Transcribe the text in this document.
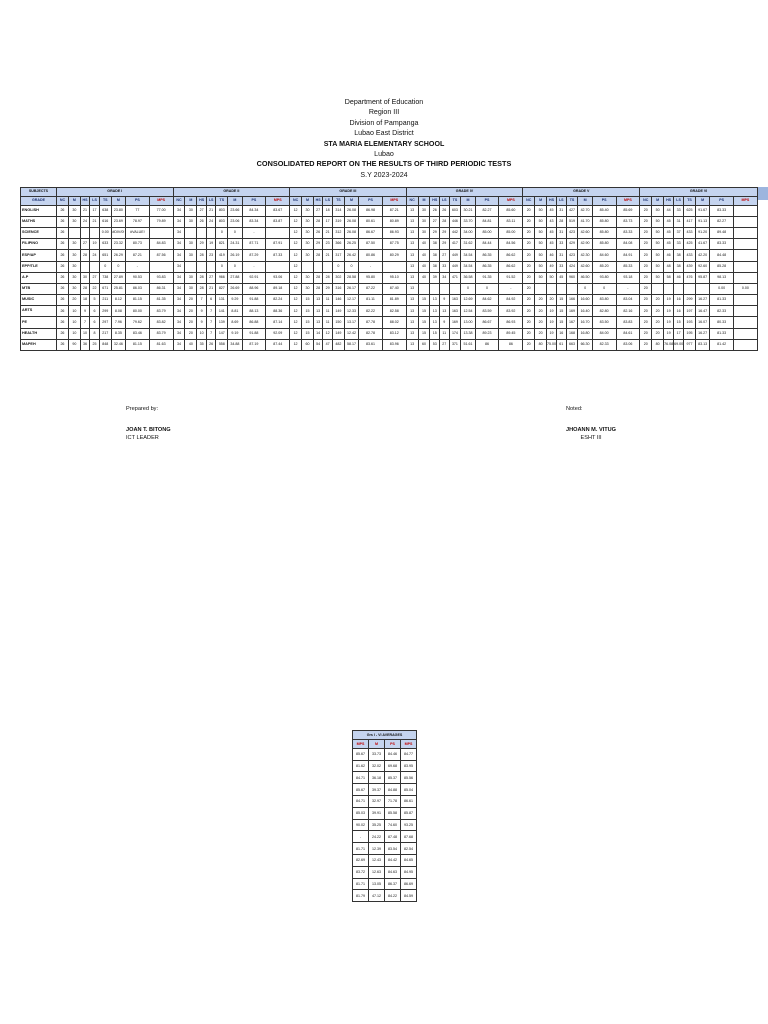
Department of Education
Region III
Division of Pampanga
Lubao East District
STA MARIA ELEMENTARY SCHOOL
Lubao
CONSOLIDATED REPORT ON THE RESULTS OF THIRD PERIODIC TESTS
S.Y 2023-2024
SUBJECTS	GRADE I								GRADE II								GRADE III								GRADE IV								GRADE V								GRADE VI							
GRADE	NC	M	HS	LS	TS	M	PS	MPS	NC	M	HS	LS	TS	M	PS	MPS	NC	M	HS	LS	TS	M	PS	MPS	NC	M	HS	LS	TS	M	PS	MPS	NC	M	HS	LS	TS	M	PS	MPS	NC	M	HS	LS	TS	M	PS	MPS
ENGLISH	26	30	21	17	638	23.80	77	77.00	34	30	27	21	803	23.66	84.34	83.67	12	30	27	18	314	26.08	86.98	87.21	13	30	26	26	603	30.21	82.27	85.60	20	50	45	31	427	42.70	85.40	85.69	20	50	44	33	625	91.67	83.33	
MATHS	26	30	24	21	616	23.69	78.97	79.89	34	30	26	24	803	23.06	83.34	83.87	12	30	28	17	319	26.08	80.61	80.89	13	30	27	28	446	33.70	84.81	83.11	20	50	43	28	519	41.70	85.80	83.73	20	50	45	31	417	91.13	82.27	
SCIENCE	26				0.00	#DIV/0!	#VALUE!		34				0	0	-		12	30	26	21	312	26.08	86.67	86.93	13	30	29	29	442	34.00	85.00	85.00	20	50	45	31	423	42.60	85.80	83.33	20	50	45	37	433	91.20	89.48	
FILIPINO	26	30	27	19	633	23.32	80.73	84.83	34	30	29	19	821	24.31	87.71	87.91	12	30	29	23	366	26.25	87.50	87.75	13	40	38	29	417	31.62	84.44	84.56	20	50	45	33	429	42.90	85.80	84.08	20	50	45	33	425	41.67	83.33	
ESP/AP	26	30	28	24	651	26.29	87.21	87.56	34	30	28	23	419	26.19	87.29	87.33	12	30	28	21	317	26.42	80.86	80.29	13	40	38	27	449	34.54	86.35	86.62	20	50	46	31	423	42.30	84.60	84.91	20	50	46	38	433	42.20	84.48	
EPP/TLE	26	30			0	0	-		34				0	0	-		12				0	0	-		13	40	38	33	449	34.54	86.35	86.62	20	50	49	33	424	42.60	85.20	85.33	20	50	48	38	439	92.60	85.28	
A.P	26	30	30	27	738	27.89	90.53	93.83	34	30	28	27	966	27.88	92.91	93.06	12	30	28	28	302	28.58	95.80	95.10	13	40	39	34	471	36.58	91.35	91.52	20	50	50	45	960	46.50	93.80	93.18	20	50	58	46	476	95.87	98.13	
MTB	26	30	28	22	671	25.81	86.03	86.31	34	30	28	21	827	26.69	88.96	89.18	12	30	28	29	316	26.17	87.22	87.40	13					0	0	-	20					0	0	-	20						0.00	0.00
MUSIC	26	20	18	5	211	8.12	81.15	81.35	34	20	7	6	131	9.29	91.88	82.24	12	15	13	11	146	12.17	81.11	81.89	13	15	13	9	163	12.69	84.62	84.92	20	20	20	15	166	16.60	83.80	83.04	20	20	19	16	299	16.27	81.33	
ARTS	26	10	9	6	299	8.08	80.00	83.79	34	20	9	7	141	8.81	88.13	88.36	12	15	13	11	149	12.33	82.22	82.58	13	15	13	13	163	12.54	83.59	83.92	20	20	19	15	169	16.40	82.80	82.16	20	20	19	16	197	16.47	82.33	
PE	26	10	7	6	297	7.96	79.62	83.82	34	20	9	7	139	8.69	86.88	87.14	12	15	13	11	150	13.17	87.78	88.02	13	15	13	9	169	13.00	86.67	86.93	20	20	19	15	167	16.70	83.50	83.83	20	20	19	15	193	16.07	80.33	
HEALTH	26	10	10	8	217	8.35	83.46	83.79	34	20	10	7	147	9.19	91.88	92.09	12	15	14	12	149	12.42	82.78	83.12	13	15	15	11	174	13.38	89.23	89.45	20	20	19	16	168	16.80	84.00	84.61	20	20	19	17	195	16.27	81.33	
MAPEH	26	90	36	25	848	32.46	81.15	81.63	34	40	35	26	558	34.88	87.19	87.44	12	60	54	47	482	58.17	83.61	83.96	13	60	53	27	371	51.61	86	86	20	80	75.00	61	663	66.30	82.33	83.06	20	80	76.08	69.00	977	83.13	81.42	
Prepared by:
JOAN T. BITONG
ICT LEADER
Noted:
JHOANN M. VITUG
ESHT III
Grs I - VI AVERAGES			
MPS	M	PS	MPS
85.67	33.73	84.46	84.77
81.62	32.02	69.68	83.95
84.71	36.18	85.37	85.56
85.67	39.37	84.88	85.04
84.71	32.97	71.78	86.61
85.03	39.91	85.58	85.87
90.02	35.25	74.60	93.25
-	24.22	87.48	87.68
81.71	12.39	83.54	82.54
82.69	12.43	84.42	84.65
83.72	12.63	84.63	84.95
81.71	13.05	86.37	86.69
81.79	47.12	84.22	84.59
